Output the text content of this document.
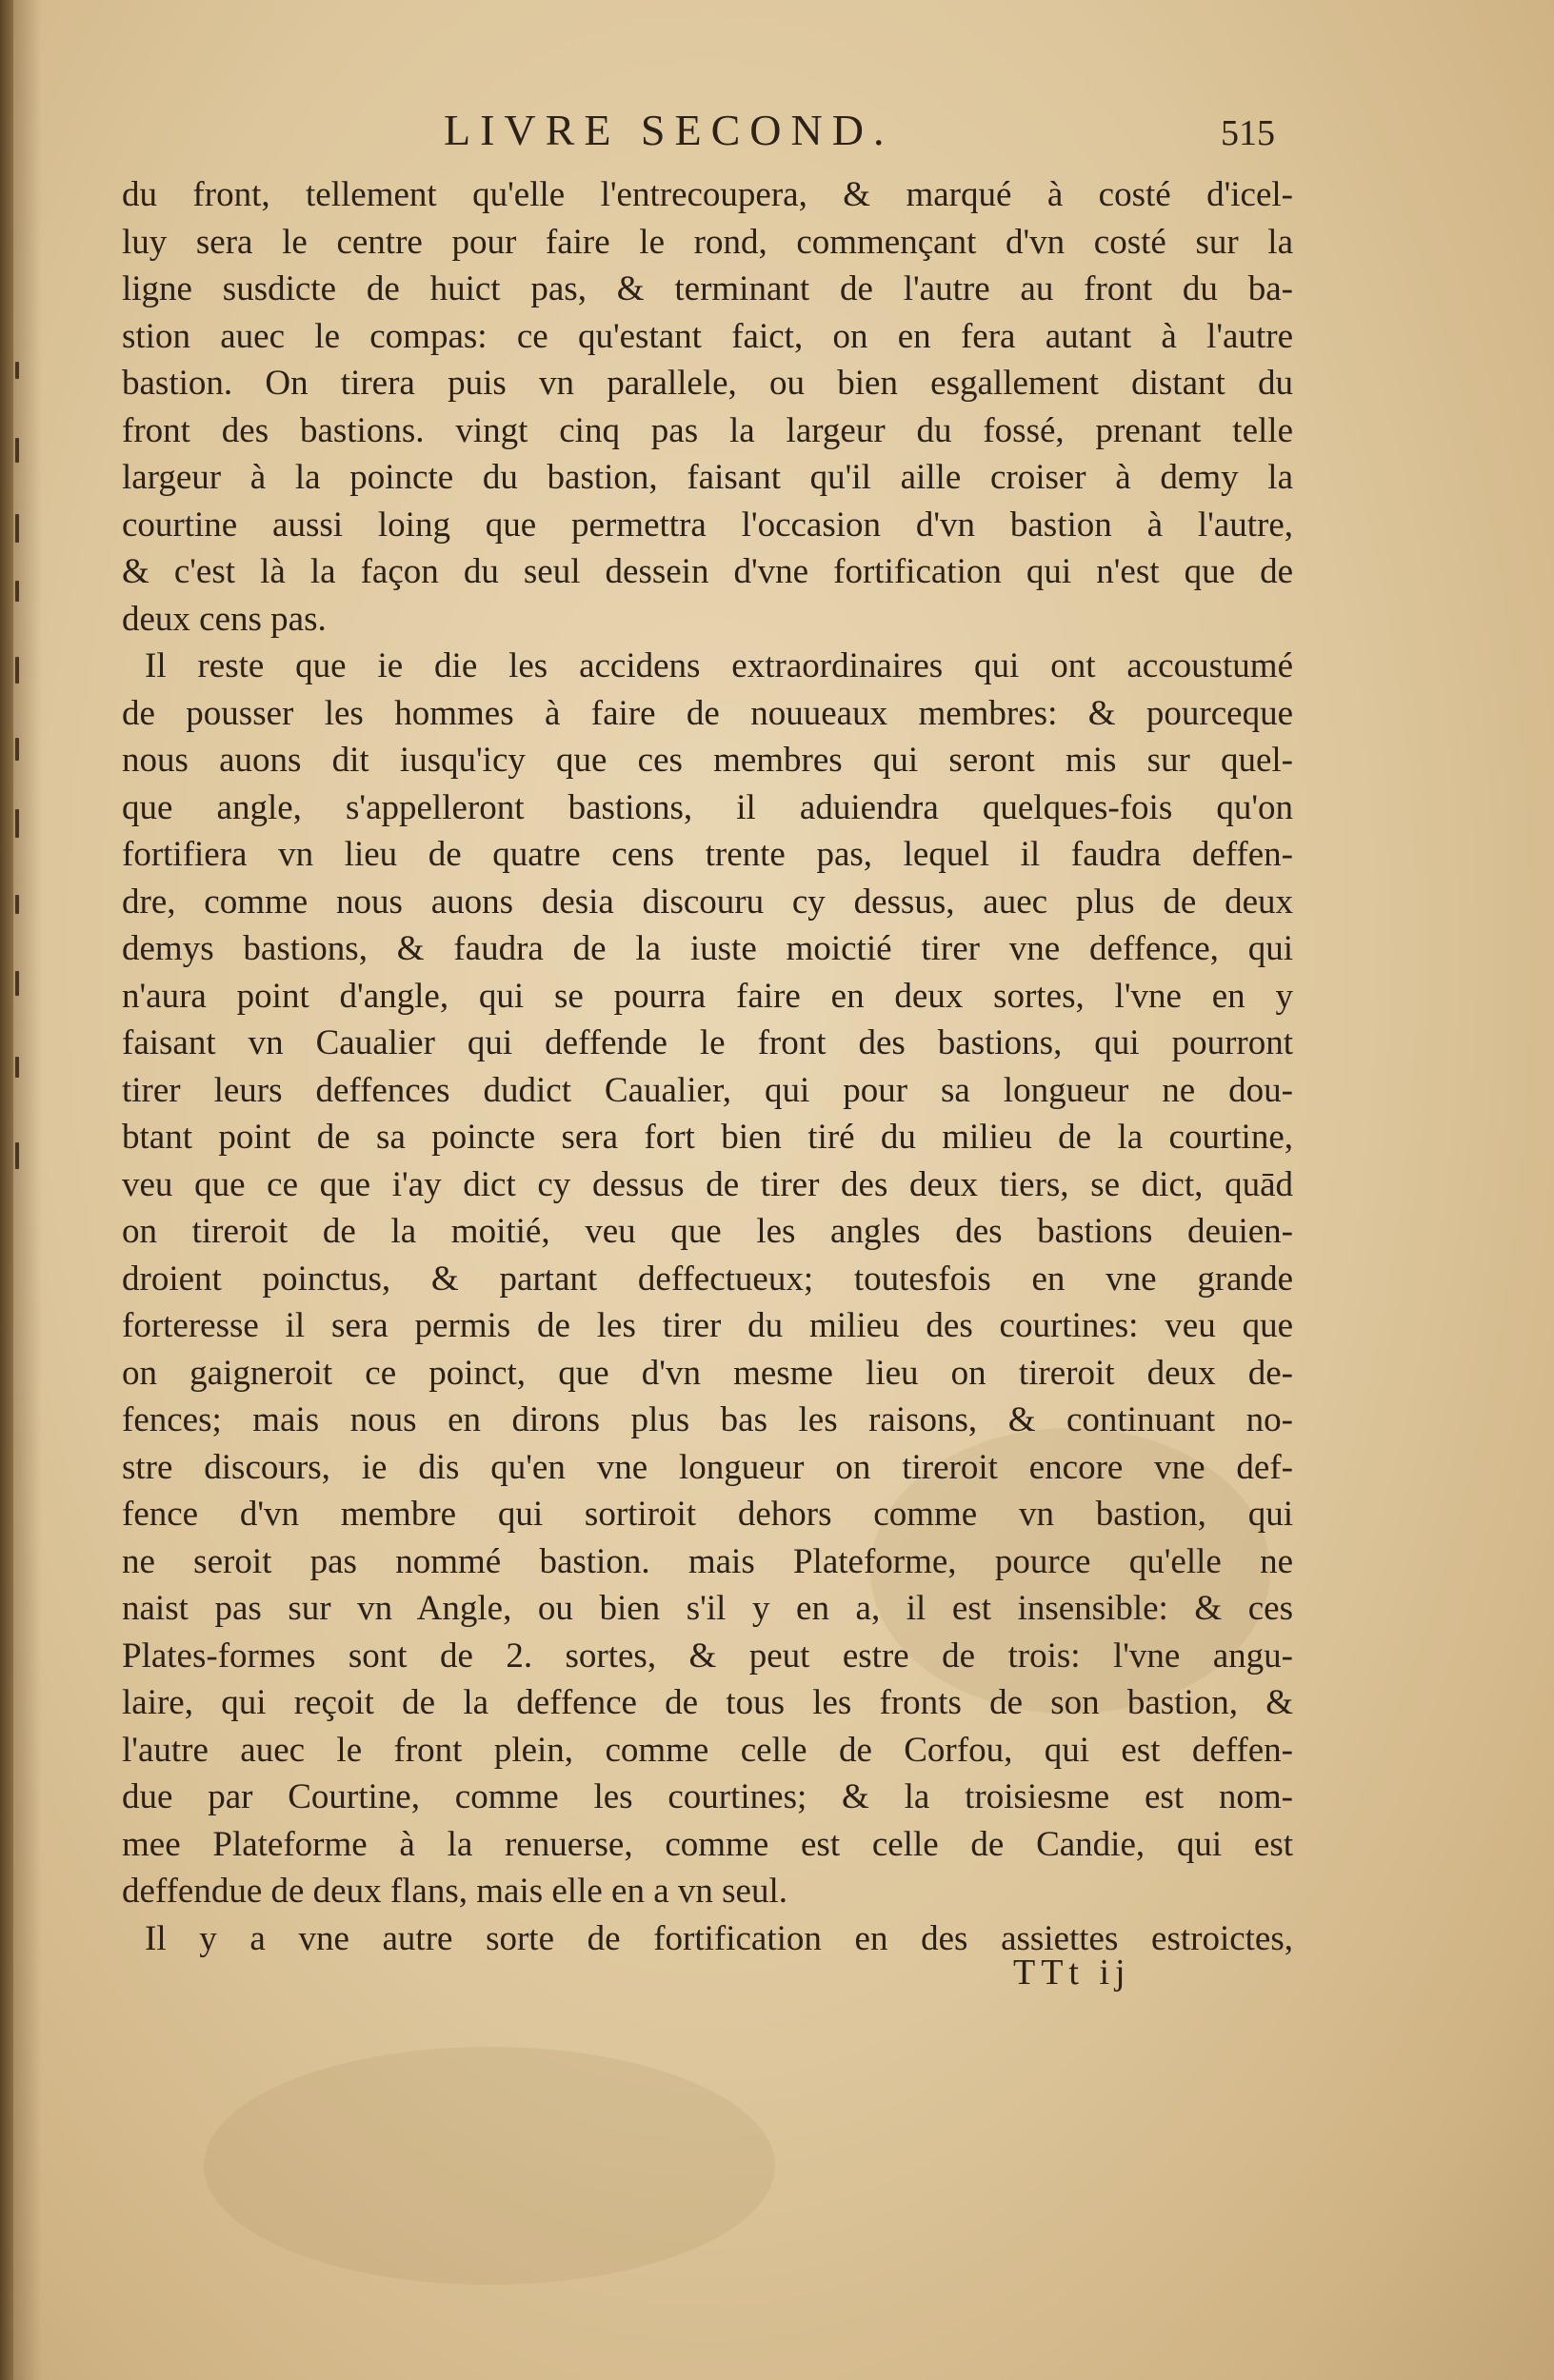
LIVRE SECOND.	515
du front, tellement qu'elle l'entrecoupera, & marqué à costé d'icel-
luy sera le centre pour faire le rond, commençant d'vn costé sur la
ligne susdicte de huict pas, & terminant de l'autre au front du ba-
stion auec le compas: ce qu'estant faict, on en fera autant à l'autre
bastion. On tirera puis vn parallele, ou bien esgallement distant du
front des bastions. vingt cinq pas la largeur du fossé, prenant telle
largeur à la poincte du bastion, faisant qu'il aille croiser à demy la
courtine aussi loing que permettra l'occasion d'vn bastion à l'autre,
& c'est là la façon du seul dessein d'vne fortification qui n'est que de
deux cens pas.
Il reste que ie die les accidens extraordinaires qui ont accoustumé
de pousser les hommes à faire de nouueaux membres: & pourceque
nous auons dit iusqu'icy que ces membres qui seront mis sur quel-
que angle, s'appelleront bastions, il aduiendra quelques-fois qu'on
fortifiera vn lieu de quatre cens trente pas, lequel il faudra deffen-
dre, comme nous auons desia discouru cy dessus, auec plus de deux
demys bastions, & faudra de la iuste moictié tirer vne deffence, qui
n'aura point d'angle, qui se pourra faire en deux sortes, l'vne en y
faisant vn Caualier qui deffende le front des bastions, qui pourront
tirer leurs deffences dudict Caualier, qui pour sa longueur ne dou-
btant point de sa poincte sera fort bien tiré du milieu de la courtine,
veu que ce que i'ay dict cy dessus de tirer des deux tiers, se dict, quād
on tireroit de la moitié, veu que les angles des bastions deuien-
droient poinctus, & partant deffectueux; toutesfois en vne grande
forteresse il sera permis de les tirer du milieu des courtines: veu que
on gaigneroit ce poinct, que d'vn mesme lieu on tireroit deux de-
fences; mais nous en dirons plus bas les raisons, & continuant no-
stre discours, ie dis qu'en vne longueur on tireroit encore vne def-
fence d'vn membre qui sortiroit dehors comme vn bastion, qui
ne seroit pas nommé bastion. mais Plateforme, pource qu'elle ne
naist pas sur vn Angle, ou bien s'il y en a, il est insensible: & ces
Plates-formes sont de 2. sortes, & peut estre de trois: l'vne angu-
laire, qui reçoit de la deffence de tous les fronts de son bastion, &
l'autre auec le front plein, comme celle de Corfou, qui est deffen-
due par Courtine, comme les courtines; & la troisiesme est nom-
mee Plateforme à la renuerse, comme est celle de Candie, qui est
deffendue de deux flans, mais elle en a vn seul.
Il y a vne autre sorte de fortification en des assiettes estroictes,
TTt ij
